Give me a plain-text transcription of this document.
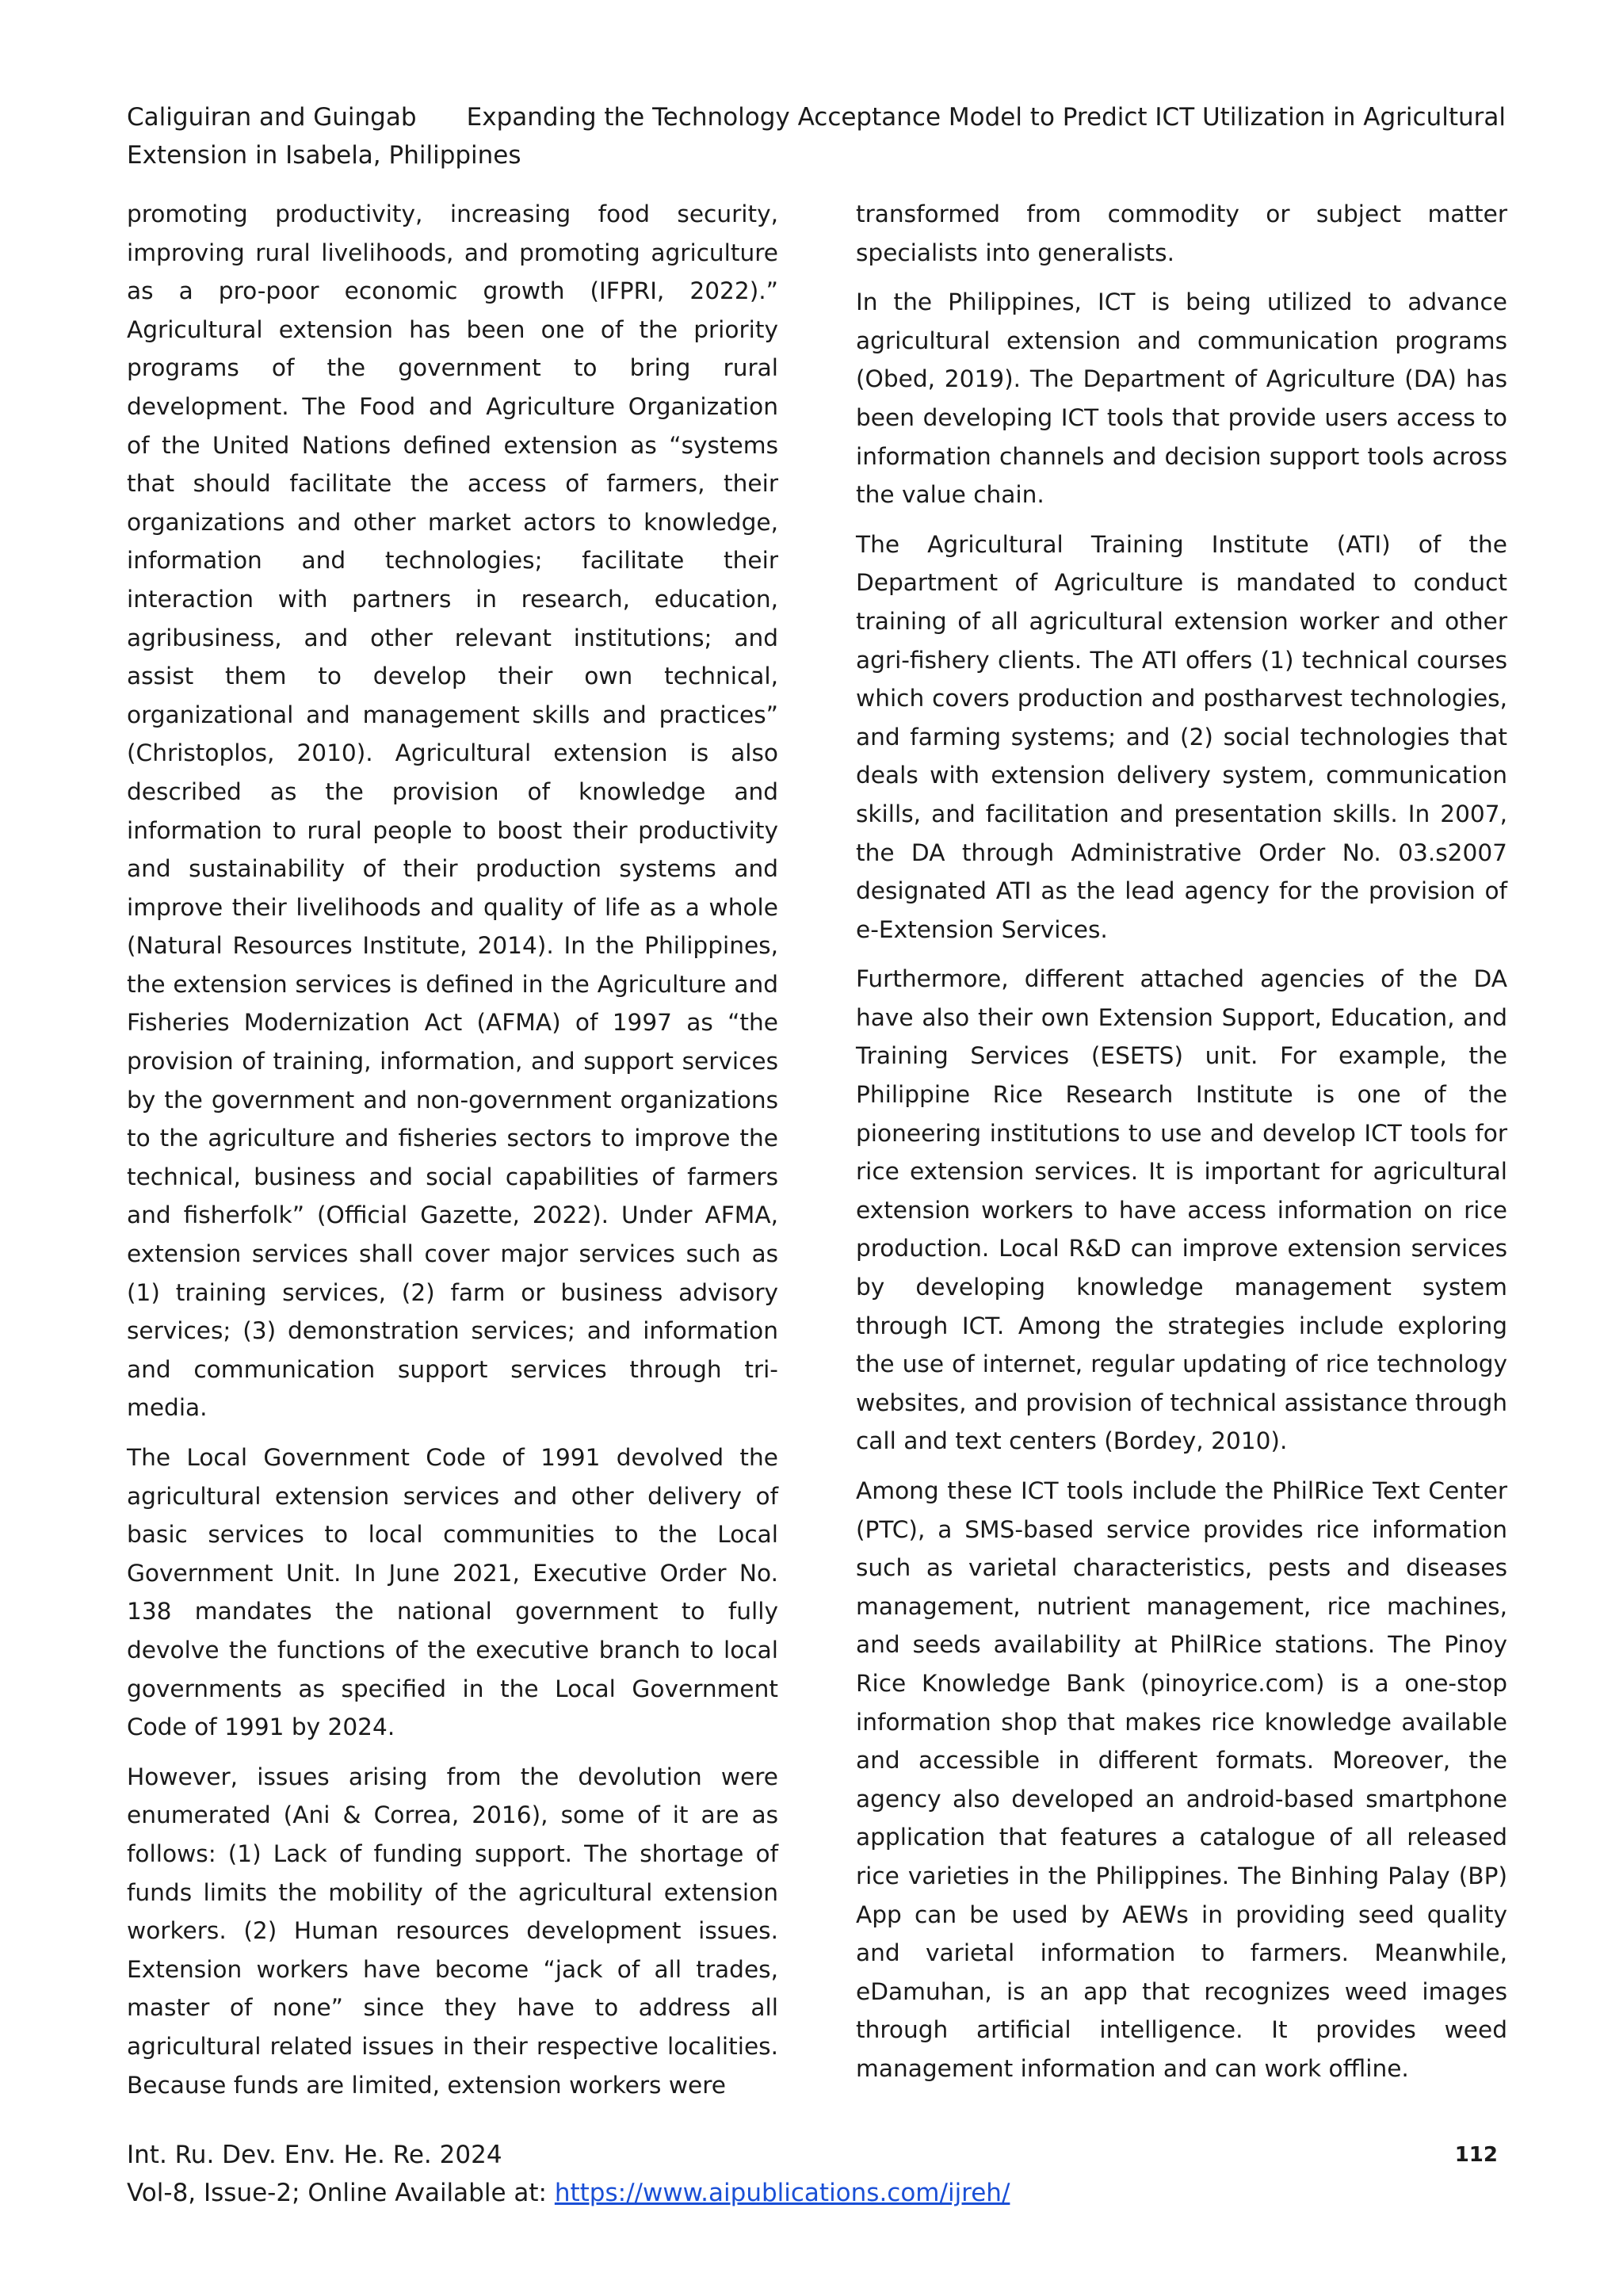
Caliguiran and Guingab Expanding the Technology Acceptance Model to Predict ICT Utilization in Agricultural
Extension in Isabela, Philippines

promoting productivity, increasing food security, improving rural livelihoods, and promoting agriculture as a pro-poor economic growth (IFPRI, 2022).” Agricultural extension has been one of the priority programs of the government to bring rural development. The Food and Agriculture Organization of the United Nations defined extension as “systems that should facilitate the access of farmers, their organizations and other market actors to knowledge, information and technologies; facilitate their interaction with partners in research, education, agribusiness, and other relevant institutions; and assist them to develop their own technical, organizational and management skills and practices” (Christoplos, 2010). Agricultural extension is also described as the provision of knowledge and information to rural people to boost their productivity and sustainability of their production systems and improve their livelihoods and quality of life as a whole (Natural Resources Institute, 2014). In the Philippines, the extension services is defined in the Agriculture and Fisheries Modernization Act (AFMA) of 1997 as “the provision of training, information, and support services by the government and non-government organizations to the agriculture and fisheries sectors to improve the technical, business and social capabilities of farmers and fisherfolk” (Official Gazette, 2022). Under AFMA, extension services shall cover major services such as (1) training services, (2) farm or business advisory services; (3) demonstration services; and information and communication support services through tri-media.

The Local Government Code of 1991 devolved the agricultural extension services and other delivery of basic services to local communities to the Local Government Unit. In June 2021, Executive Order No. 138 mandates the national government to fully devolve the functions of the executive branch to local governments as specified in the Local Government Code of 1991 by 2024.

However, issues arising from the devolution were enumerated (Ani & Correa, 2016), some of it are as follows: (1) Lack of funding support. The shortage of funds limits the mobility of the agricultural extension workers. (2) Human resources development issues. Extension workers have become “jack of all trades, master of none” since they have to address all agricultural related issues in their respective localities. Because funds are limited, extension workers were

transformed from commodity or subject matter specialists into generalists.

In the Philippines, ICT is being utilized to advance agricultural extension and communication programs (Obed, 2019). The Department of Agriculture (DA) has been developing ICT tools that provide users access to information channels and decision support tools across the value chain.

The Agricultural Training Institute (ATI) of the Department of Agriculture is mandated to conduct training of all agricultural extension worker and other agri-fishery clients. The ATI offers (1) technical courses which covers production and postharvest technologies, and farming systems; and (2) social technologies that deals with extension delivery system, communication skills, and facilitation and presentation skills. In 2007, the DA through Administrative Order No. 03.s2007 designated ATI as the lead agency for the provision of e-Extension Services.

Furthermore, different attached agencies of the DA have also their own Extension Support, Education, and Training Services (ESETS) unit. For example, the Philippine Rice Research Institute is one of the pioneering institutions to use and develop ICT tools for rice extension services. It is important for agricultural extension workers to have access information on rice production. Local R&D can improve extension services by developing knowledge management system through ICT. Among the strategies include exploring the use of internet, regular updating of rice technology websites, and provision of technical assistance through call and text centers (Bordey, 2010).

Among these ICT tools include the PhilRice Text Center (PTC), a SMS-based service provides rice information such as varietal characteristics, pests and diseases management, nutrient management, rice machines, and seeds availability at PhilRice stations. The Pinoy Rice Knowledge Bank (pinoyrice.com) is a one-stop information shop that makes rice knowledge available and accessible in different formats. Moreover, the agency also developed an android-based smartphone application that features a catalogue of all released rice varieties in the Philippines. The Binhing Palay (BP) App can be used by AEWs in providing seed quality and varietal information to farmers. Meanwhile, eDamuhan, is an app that recognizes weed images through artificial intelligence. It provides weed management information and can work offline.

Int. Ru. Dev. Env. He. Re. 2024	112
Vol-8, Issue-2; Online Available at: https://www.aipublications.com/ijreh/
